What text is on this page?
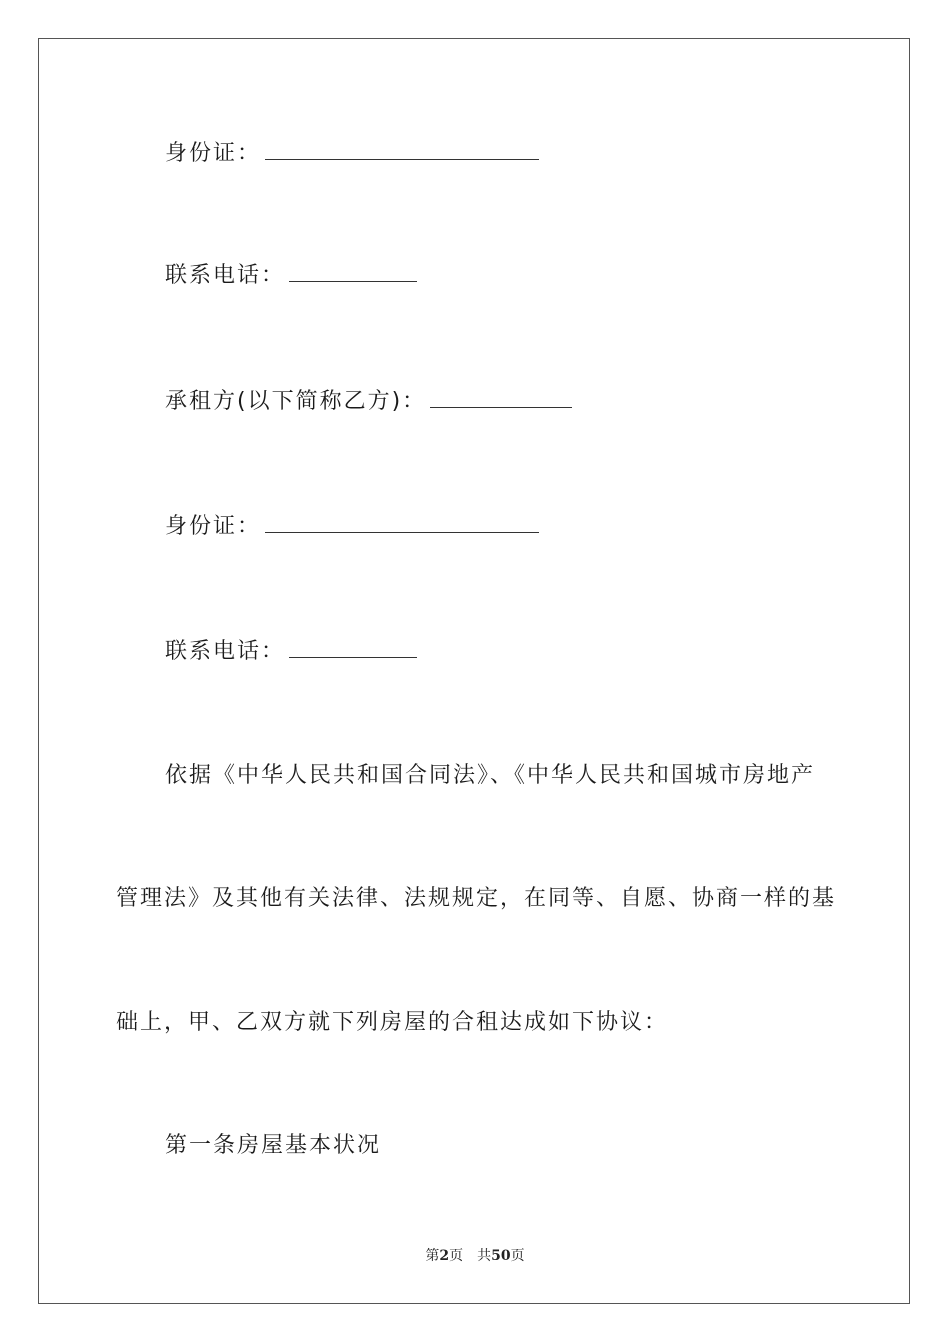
身份证：
联系电话：
承租方(以下简称乙方)：
身份证：
联系电话：
依据《中华人民共和国合同法》、《中华人民共和国城市房地产
管理法》及其他有关法律、法规规定，在同等、自愿、协商一样的基
础上，甲、乙双方就下列房屋的合租达成如下协议：
第一条房屋基本状况
第2页 共50页
